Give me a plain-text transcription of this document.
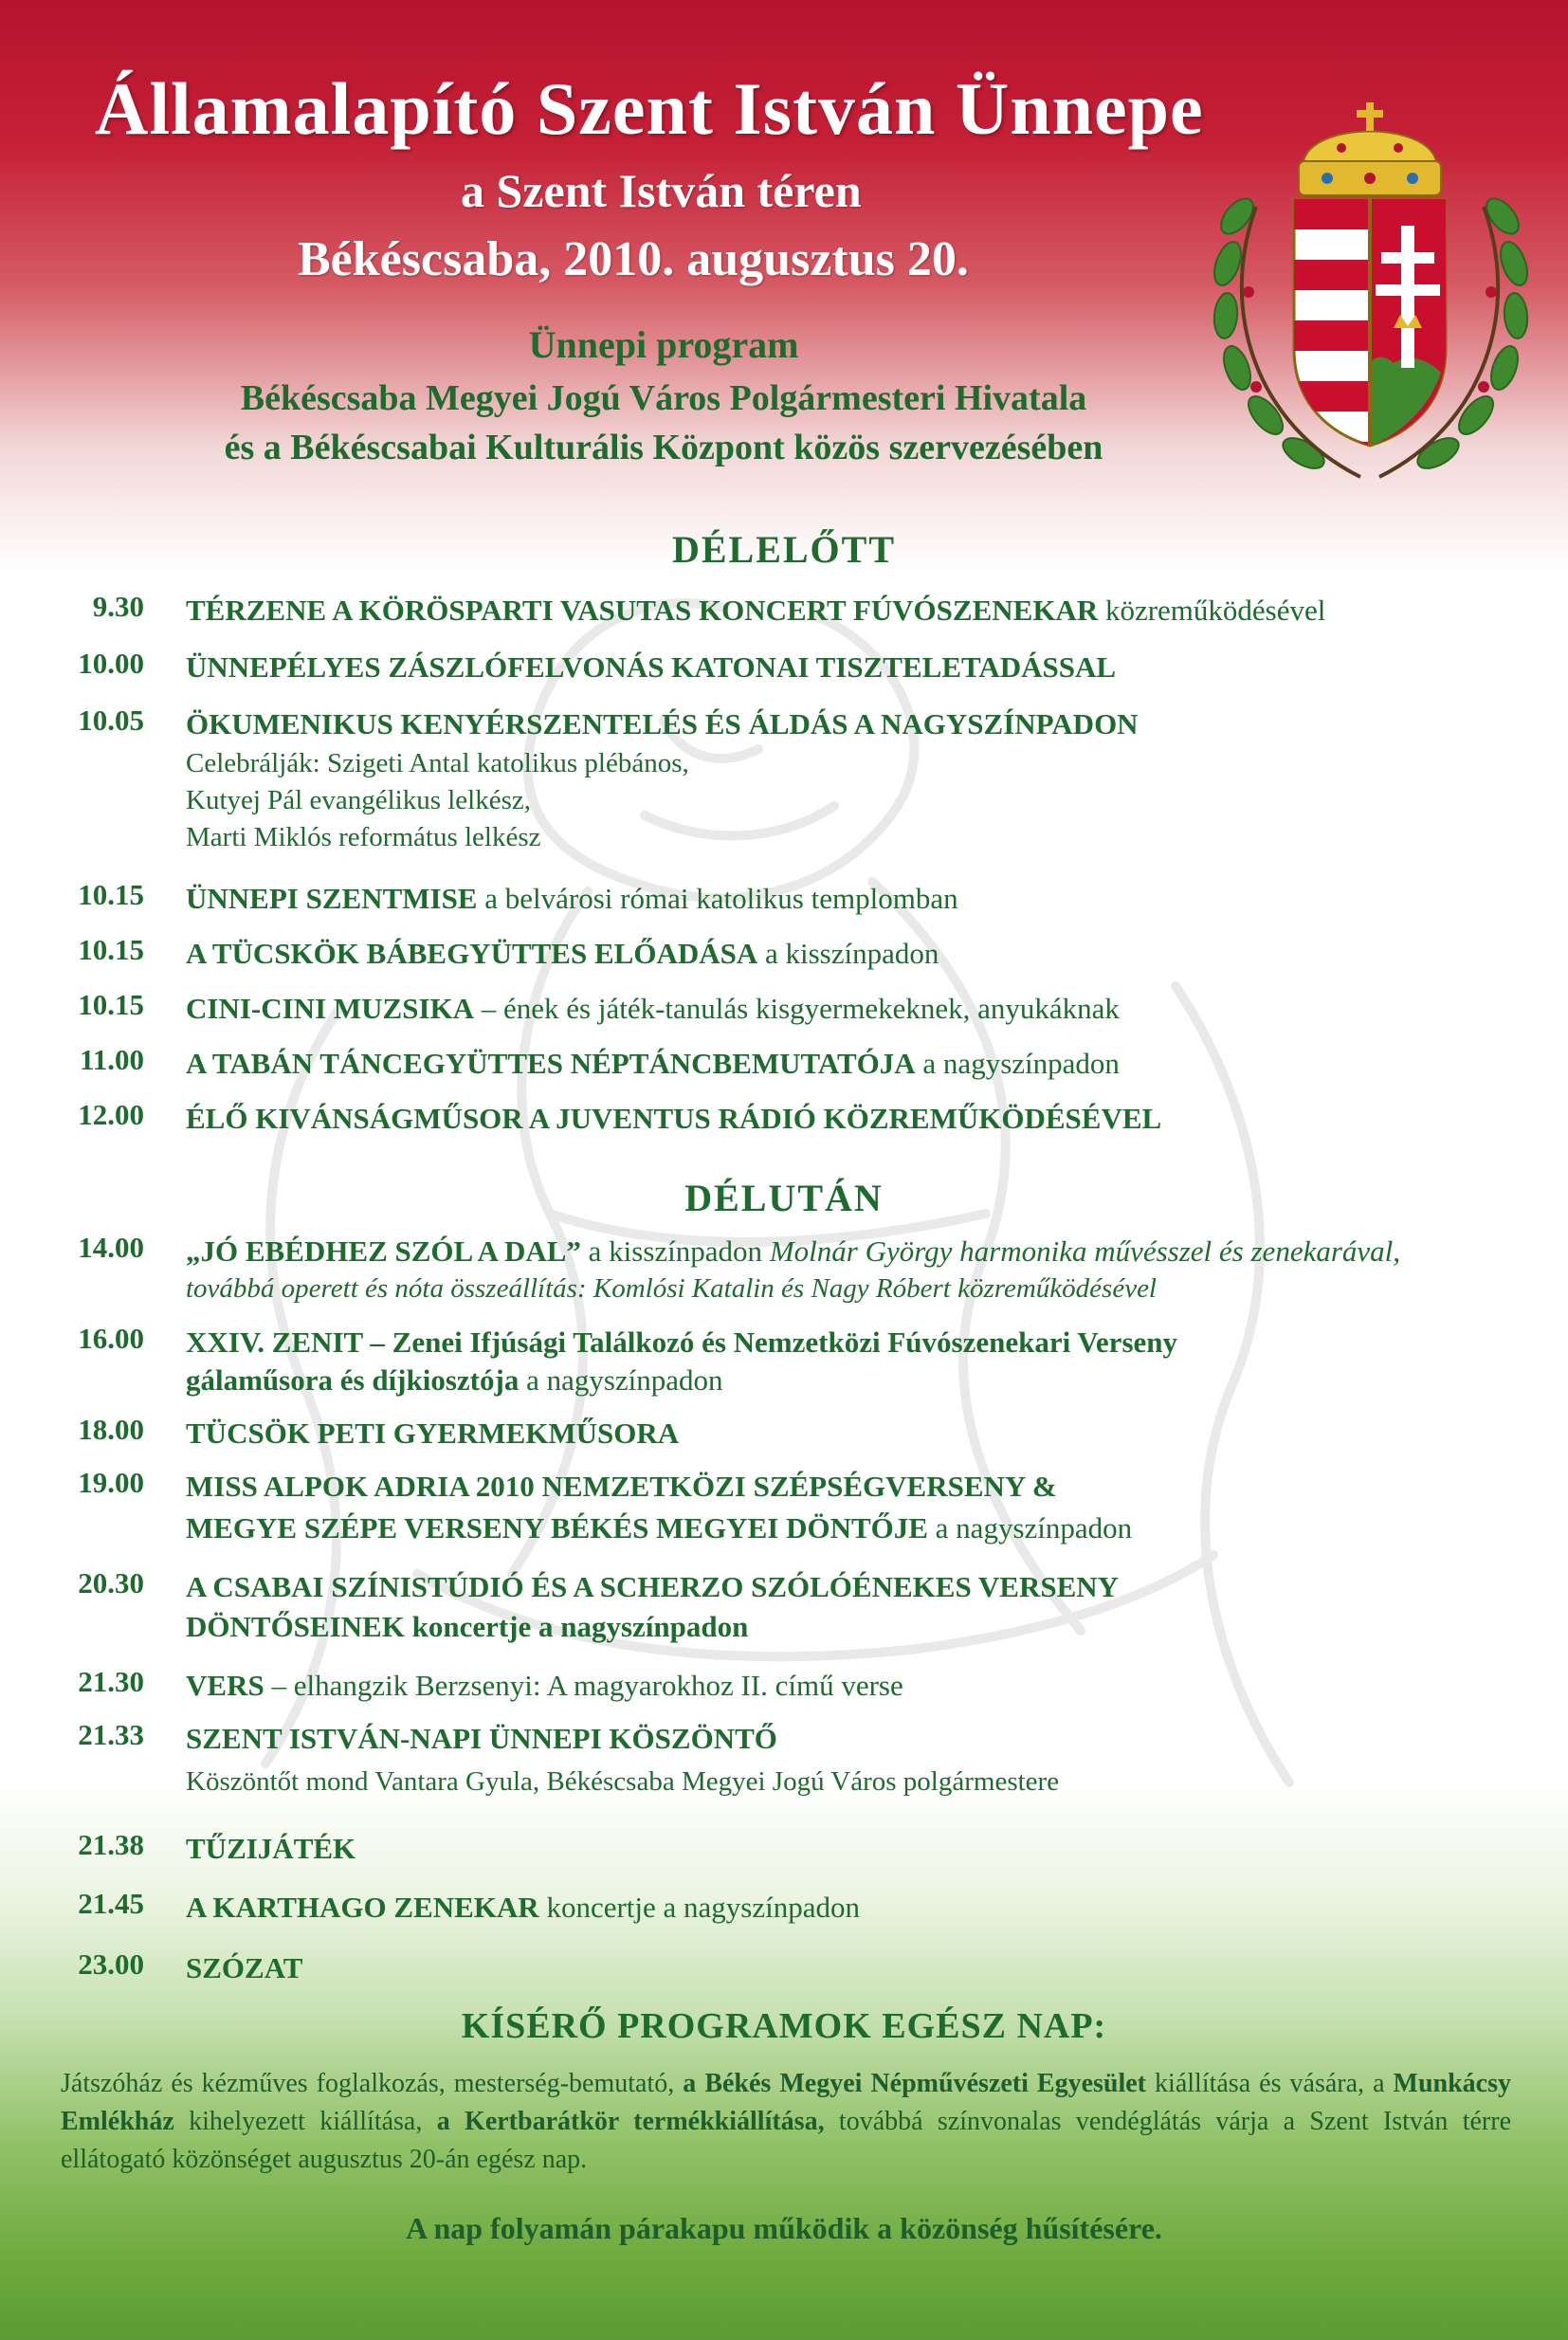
Államalapító Szent István Ünnepe
a Szent István téren
Békéscsaba, 2010. augusztus 20.
Ünnepi program
Békéscsaba Megyei Jogú Város Polgármesteri Hivatala
és a Békéscsabai Kulturális Központ közös szervezésében
DÉLELŐTT
9.30 TÉRZENE A KÖRÖSPARTI VASUTAS KONCERT FÚVÓSZENEKAR közreműködésével
10.00 ÜNNEPÉLYES ZÁSZLÓFELVONÁS KATONAI TISZTELETADÁSSAL
10.05 ÖKUMENIKUS KENYÉRSZENTELÉS ÉS ÁLDÁS A NAGYSZÍNPADON
Celebrálják: Szigeti Antal katolikus plébános,
Kutyej Pál evangélikus lelkész,
Marti Miklós református lelkész
10.15 ÜNNEPI SZENTMISE a belvárosi római katolikus templomban
10.15 A TÜCSKÖK BÁBEGYÜTTES ELŐADÁSA a kisszínpadon
10.15 CINI-CINI MUZSIKA – ének és játék-tanulás kisgyermekeknek, anyukáknak
11.00 A TABÁN TÁNCEGYÜTTES NÉPTÁNCBEMUTATÓJA a nagyszínpadon
12.00 ÉLŐ KIVÁNSÁGMŰSOR A JUVENTUS RÁDIÓ KÖZREMŰKÖDÉSÉVEL
DÉLUTÁN
14.00 „JÓ EBÉDHEZ SZÓL A DAL” a kisszínpadon Molnár György harmonika művésszel és zenekarával,
továbbá operett és nóta összeállítás: Komlósi Katalin és Nagy Róbert közreműködésével
16.00 XXIV. ZENIT – Zenei Ifjúsági Találkozó és Nemzetközi Fúvószenekari Verseny
gálaműsora és díjkiosztója a nagyszínpadon
18.00 TÜCSÖK PETI GYERMEKMŰSORA
19.00 MISS ALPOK ADRIA 2010 NEMZETKÖZI SZÉPSÉGVERSENY &
MEGYE SZÉPE VERSENY BÉKÉS MEGYEI DÖNTŐJE a nagyszínpadon
20.30 A CSABAI SZÍNISTÚDIÓ ÉS A SCHERZO SZÓLÓÉNEKES VERSENY
DÖNTŐSEINEK koncertje a nagyszínpadon
21.30 VERS – elhangzik Berzsenyi: A magyarokhoz II. című verse
21.33 SZENT ISTVÁN-NAPI ÜNNEPI KÖSZÖNTŐ
Köszöntőt mond Vantara Gyula, Békéscsaba Megyei Jogú Város polgármestere
21.38 TŰZIJÁTÉK
21.45 A KARTHAGO ZENEKAR koncertje a nagyszínpadon
23.00 SZÓZAT
KÍSÉRŐ PROGRAMOK EGÉSZ NAP:
Játszóház és kézműves foglalkozás, mesterség-bemutató, a Békés Megyei Népművészeti Egyesület kiállítása és vására, a Munkácsy Emlékház kihelyezett kiállítása, a Kertbarátkör termékkiállítása, továbbá színvonalas vendéglátás várja a Szent István térre ellátogató közönséget augusztus 20-án egész nap.
A nap folyamán párakapu működik a közönség hűsítésére.
